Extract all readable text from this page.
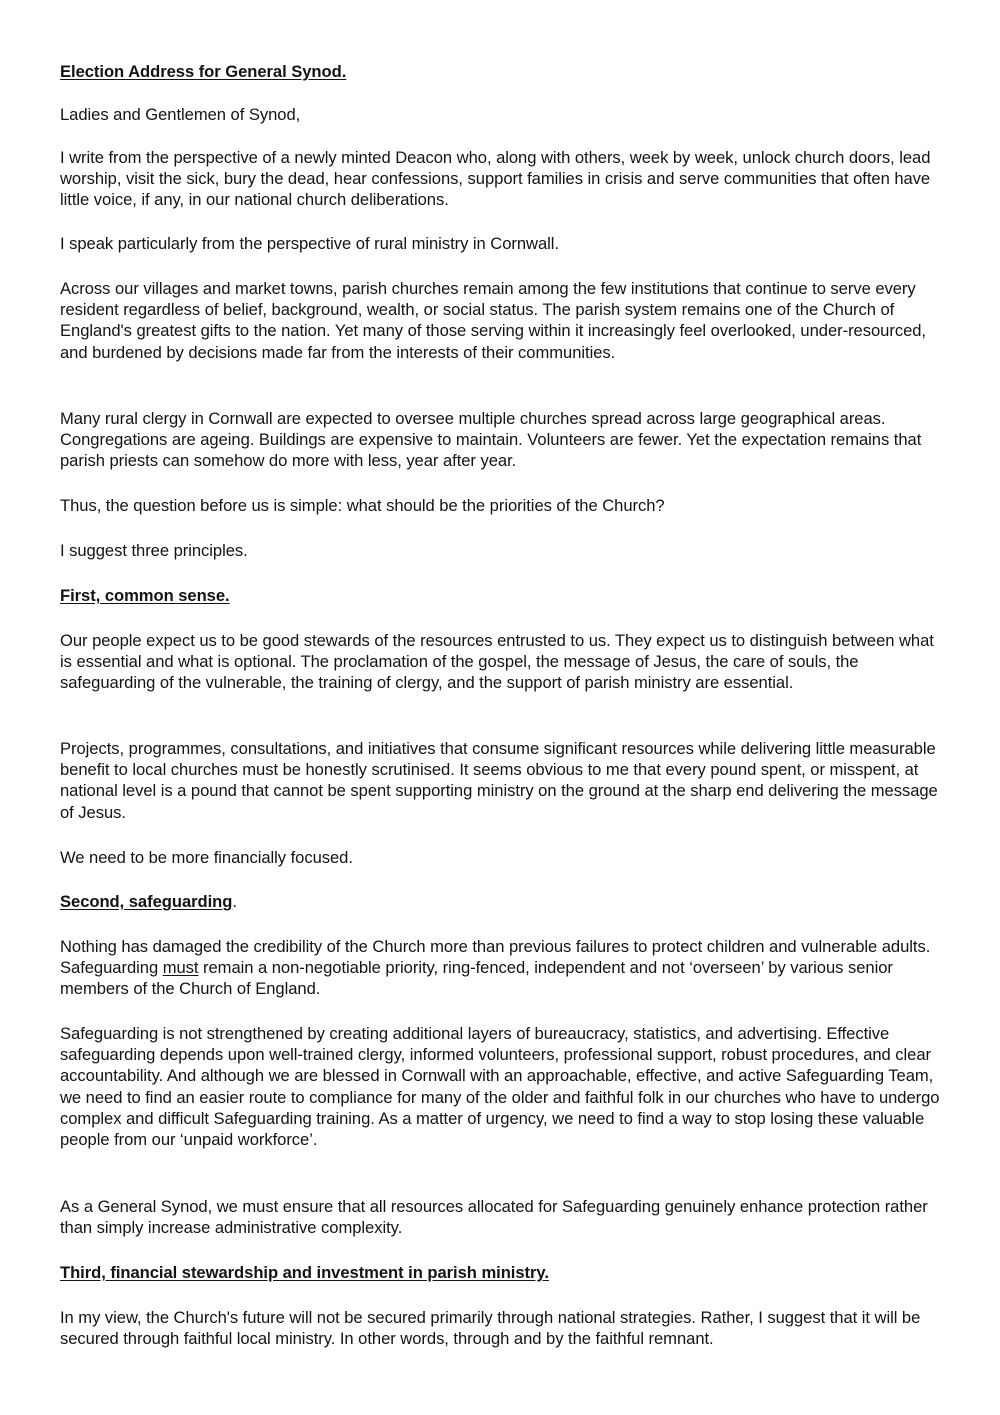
Election Address for General Synod.

Ladies and Gentlemen of Synod,

I write from the perspective of a newly minted Deacon who, along with others, week by week, unlock church doors, lead worship, visit the sick, bury the dead, hear confessions, support families in crisis and serve communities that often have little voice, if any, in our national church deliberations.

I speak particularly from the perspective of rural ministry in Cornwall.

Across our villages and market towns, parish churches remain among the few institutions that continue to serve every resident regardless of belief, background, wealth, or social status. The parish system remains one of the Church of England's greatest gifts to the nation. Yet many of those serving within it increasingly feel overlooked, under-resourced, and burdened by decisions made far from the interests of their communities.

Many rural clergy in Cornwall are expected to oversee multiple churches spread across large geographical areas. Congregations are ageing. Buildings are expensive to maintain. Volunteers are fewer. Yet the expectation remains that parish priests can somehow do more with less, year after year.

Thus, the question before us is simple: what should be the priorities of the Church?

I suggest three principles.

First, common sense.

Our people expect us to be good stewards of the resources entrusted to us. They expect us to distinguish between what is essential and what is optional. The proclamation of the gospel, the message of Jesus, the care of souls, the safeguarding of the vulnerable, the training of clergy, and the support of parish ministry are essential.

Projects, programmes, consultations, and initiatives that consume significant resources while delivering little measurable benefit to local churches must be honestly scrutinised. It seems obvious to me that every pound spent, or misspent, at national level is a pound that cannot be spent supporting ministry on the ground at the sharp end delivering the message of Jesus.

We need to be more financially focused.

Second, safeguarding.

Nothing has damaged the credibility of the Church more than previous failures to protect children and vulnerable adults. Safeguarding must remain a non-negotiable priority, ring-fenced, independent and not ‘overseen’ by various senior members of the Church of England.

Safeguarding is not strengthened by creating additional layers of bureaucracy, statistics, and advertising. Effective safeguarding depends upon well-trained clergy, informed volunteers, professional support, robust procedures, and clear accountability. And although we are blessed in Cornwall with an approachable, effective, and active Safeguarding Team, we need to find an easier route to compliance for many of the older and faithful folk in our churches who have to undergo complex and difficult Safeguarding training. As a matter of urgency, we need to find a way to stop losing these valuable people from our ‘unpaid workforce’.

As a General Synod, we must ensure that all resources allocated for Safeguarding genuinely enhance protection rather than simply increase administrative complexity.

Third, financial stewardship and investment in parish ministry.

In my view, the Church's future will not be secured primarily through national strategies. Rather, I suggest that it will be secured through faithful local ministry. In other words, through and by the faithful remnant.
